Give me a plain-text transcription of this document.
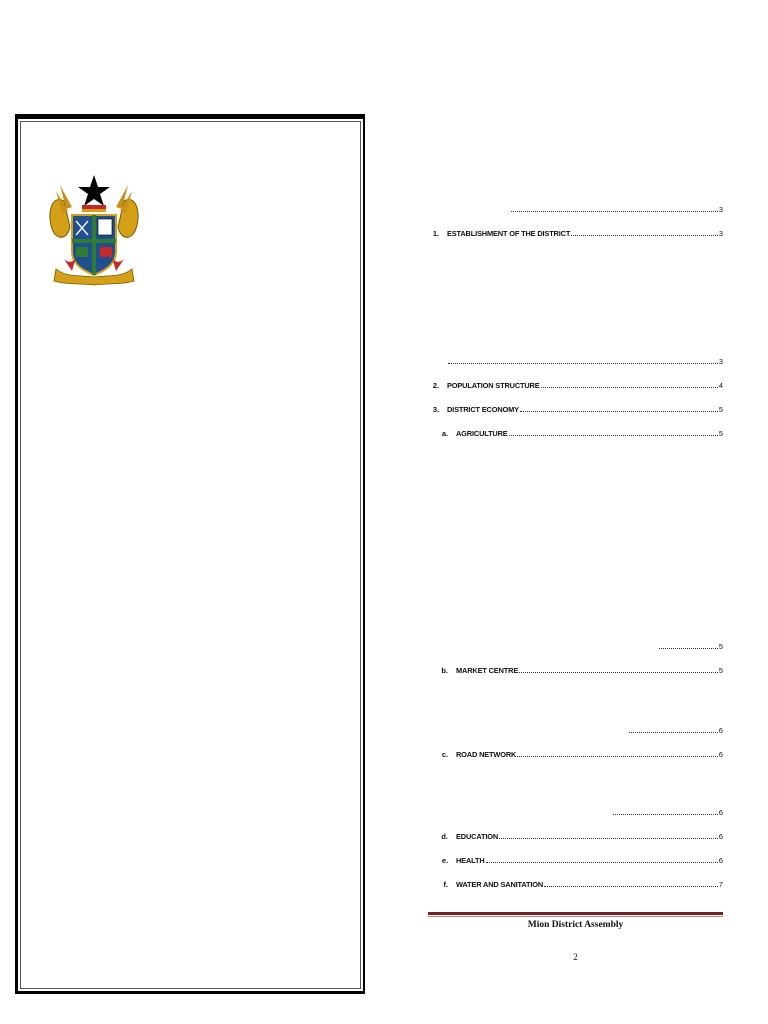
3
1.	ESTABLISHMENT OF THE DISTRICT	3
3
2.	POPULATION STRUCTURE	4
3.	DISTRICT ECONOMY	5
a.	AGRICULTURE	5
5
b.	MARKET CENTRE	5
6
c.	ROAD NETWORK	6
6
d.	EDUCATION	6
e.	HEALTH	6
f.	WATER AND SANITATION	7
Mion District Assembly
2
